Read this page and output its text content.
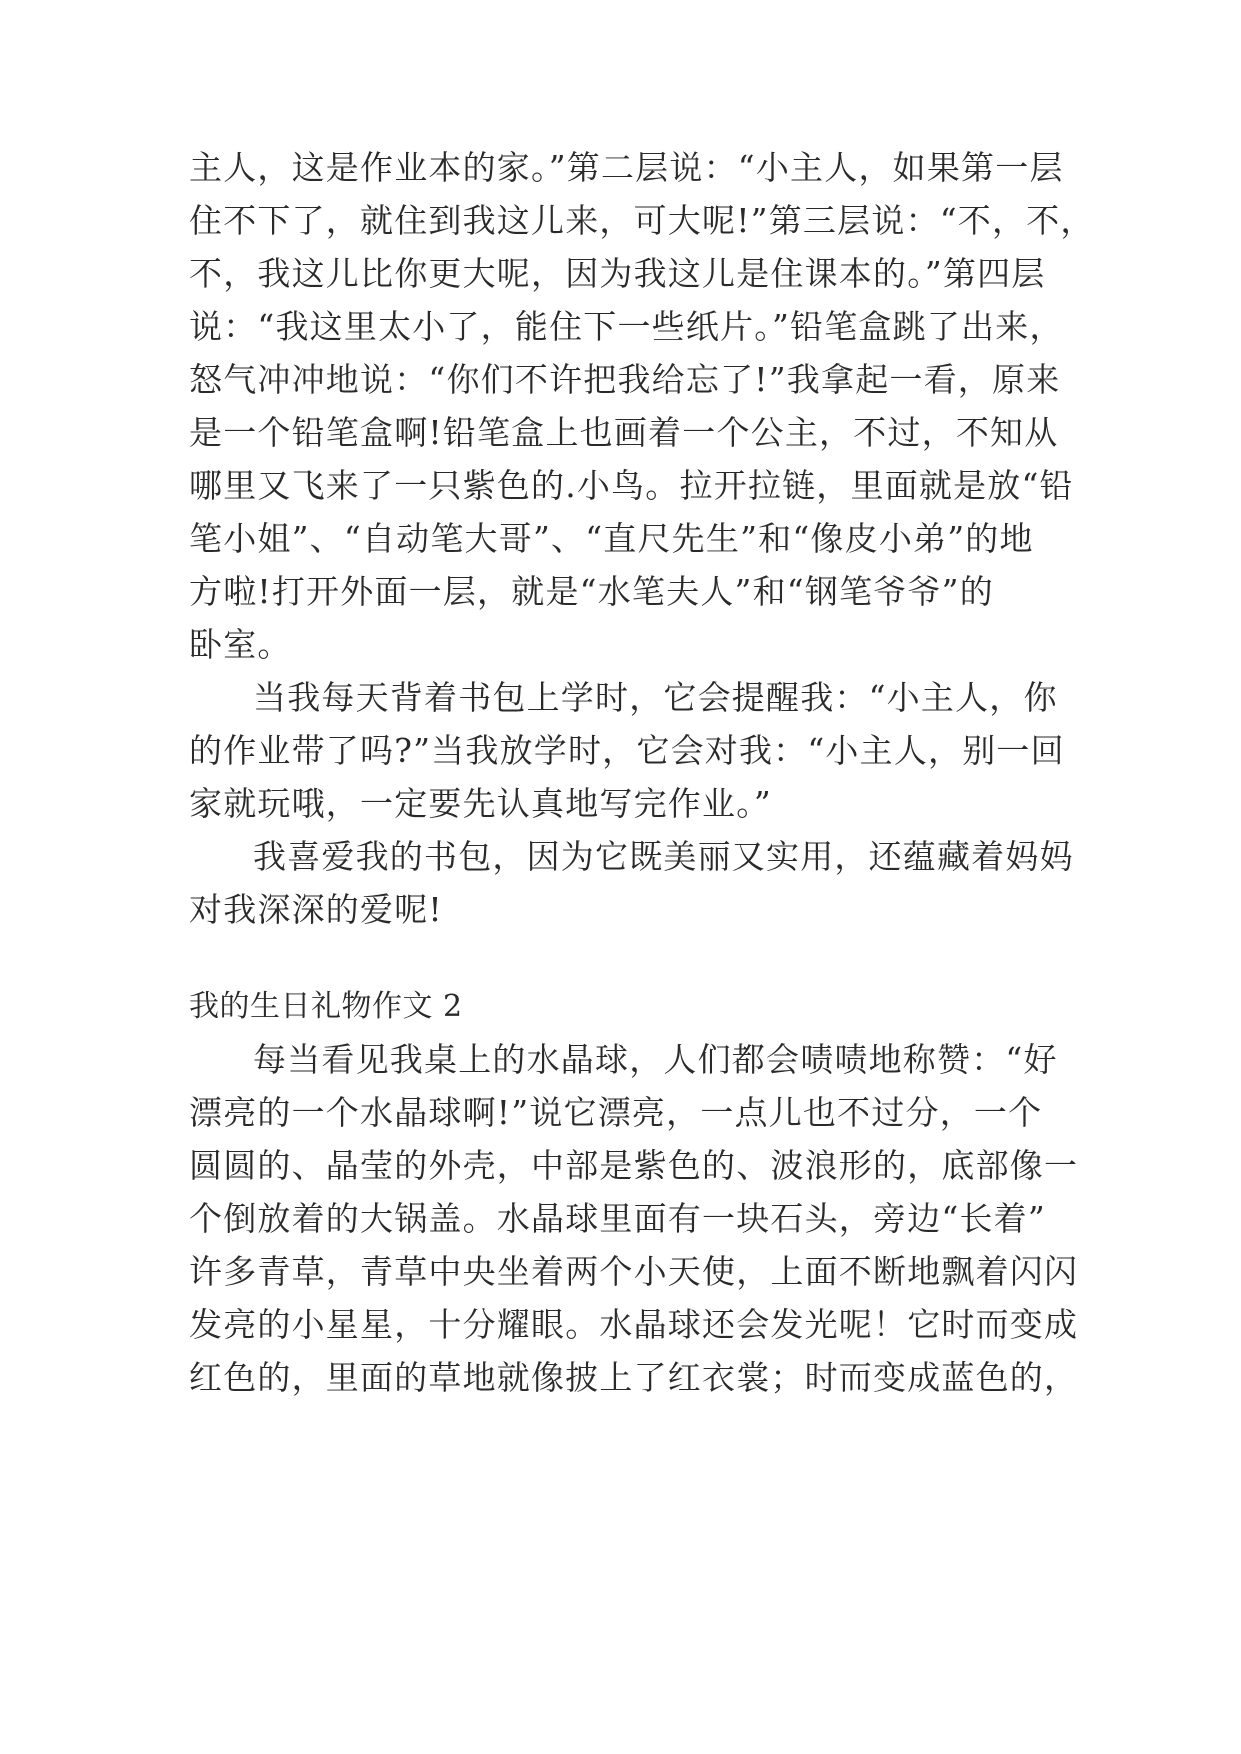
主人，这是作业本的家。”第二层说：“小主人，如果第一层
住不下了，就住到我这儿来，可大呢!”第三层说：“不，不，
不，我这儿比你更大呢，因为我这儿是住课本的。”第四层
说：“我这里太小了，能住下一些纸片。”铅笔盒跳了出来，
怒气冲冲地说：“你们不许把我给忘了!”我拿起一看，原来
是一个铅笔盒啊!铅笔盒上也画着一个公主，不过，不知从
哪里又飞来了一只紫色的.小鸟。拉开拉链，里面就是放“铅
笔小姐”、“自动笔大哥”、“直尺先生”和“像皮小弟”的地
方啦!打开外面一层，就是“水笔夫人”和“钢笔爷爷”的
卧室。
当我每天背着书包上学时，它会提醒我：“小主人，你
的作业带了吗?”当我放学时，它会对我：“小主人，别一回
家就玩哦，一定要先认真地写完作业。”
我喜爱我的书包，因为它既美丽又实用，还蕴藏着妈妈
对我深深的爱呢!
我的生日礼物作文 2
每当看见我桌上的水晶球，人们都会啧啧地称赞：“好
漂亮的一个水晶球啊!”说它漂亮，一点儿也不过分，一个
圆圆的、晶莹的外壳，中部是紫色的、波浪形的，底部像一
个倒放着的大锅盖。水晶球里面有一块石头，旁边“长着”
许多青草，青草中央坐着两个小天使，上面不断地飘着闪闪
发亮的小星星，十分耀眼。水晶球还会发光呢！它时而变成
红色的，里面的草地就像披上了红衣裳；时而变成蓝色的，
